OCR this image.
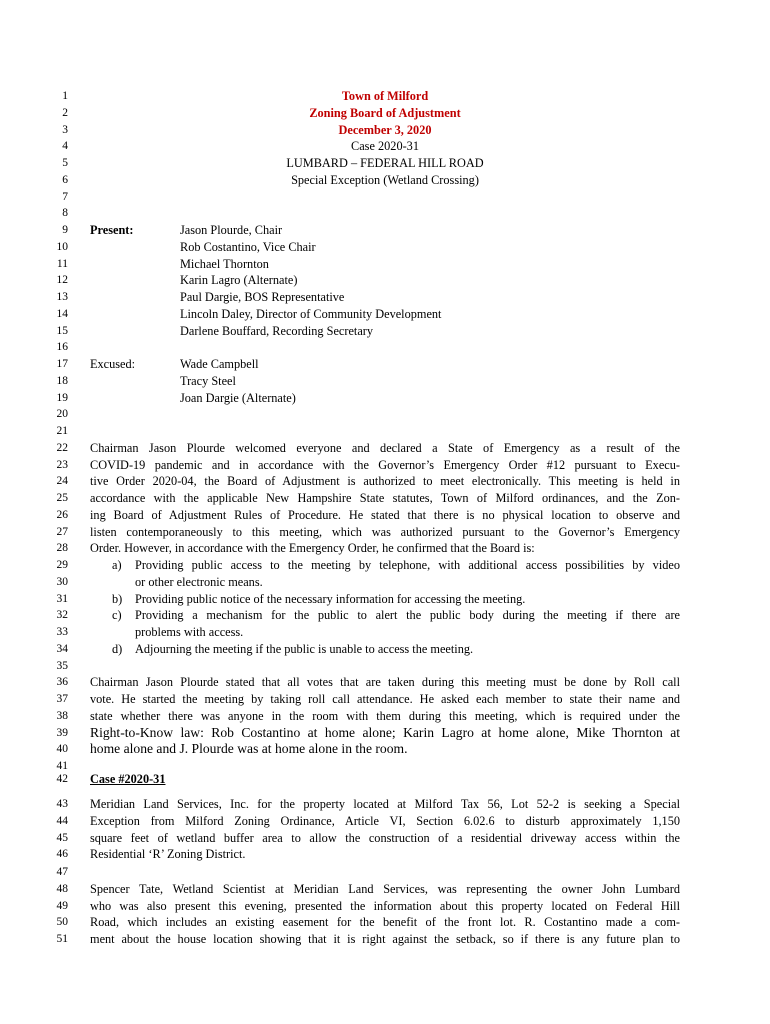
1
2
3
4
5
6
7
8
9
10
11
12
13
14
15
16
17
18
19
20
21
22
23
24
25
26
27
28
29
30
31
32
33
34
35
36
37
38
39
40
41
42
43
44
45
46
47
48
49
50
51
Town of Milford
Zoning Board of Adjustment
December 3, 2020
Case 2020-31
LUMBARD – FEDERAL HILL ROAD
Special Exception (Wetland Crossing)
Present:	Jason Plourde, Chair
Rob Costantino, Vice Chair
Michael Thornton
Karin Lagro (Alternate)
Paul Dargie, BOS Representative
Lincoln Daley, Director of Community Development
Darlene Bouffard, Recording Secretary
Excused:	Wade Campbell
Tracy Steel
Joan Dargie (Alternate)
Chairman Jason Plourde welcomed everyone and declared a State of Emergency as a result of the
COVID-19 pandemic and in accordance with the Governor’s Emergency Order #12 pursuant to Execu-
tive Order 2020-04, the Board of Adjustment is authorized to meet electronically. This meeting is held in
accordance with the applicable New Hampshire State statutes, Town of Milford ordinances, and the Zon-
ing Board of Adjustment Rules of Procedure. He stated that there is no physical location to observe and
listen contemporaneously to this meeting, which was authorized pursuant to the Governor’s Emergency
Order. However, in accordance with the Emergency Order, he confirmed that the Board is:
a)	Providing public access to the meeting by telephone, with additional access possibilities by video
or other electronic means.
b)	Providing public notice of the necessary information for accessing the meeting.
c)	Providing a mechanism for the public to alert the public body during the meeting if there are
problems with access.
d)	Adjourning the meeting if the public is unable to access the meeting.
Chairman Jason Plourde stated that all votes that are taken during this meeting must be done by Roll call
vote. He started the meeting by taking roll call attendance. He asked each member to state their name and
state whether there was anyone in the room with them during this meeting, which is required under the
Right-to-Know law: Rob Costantino at home alone; Karin Lagro at home alone, Mike Thornton at
home alone and J. Plourde was at home alone in the room.
Case #2020-31
Meridian Land Services, Inc. for the property located at Milford Tax 56, Lot 52-2 is seeking a Special
Exception from Milford Zoning Ordinance, Article VI, Section 6.02.6 to disturb approximately 1,150
square feet of wetland buffer area to allow the construction of a residential driveway access within the
Residential ‘R’ Zoning District.
Spencer Tate, Wetland Scientist at Meridian Land Services, was representing the owner John Lumbard
who was also present this evening, presented the information about this property located on Federal Hill
Road, which includes an existing easement for the benefit of the front lot. R. Costantino made a com-
ment about the house location showing that it is right against the setback, so if there is any future plan to
